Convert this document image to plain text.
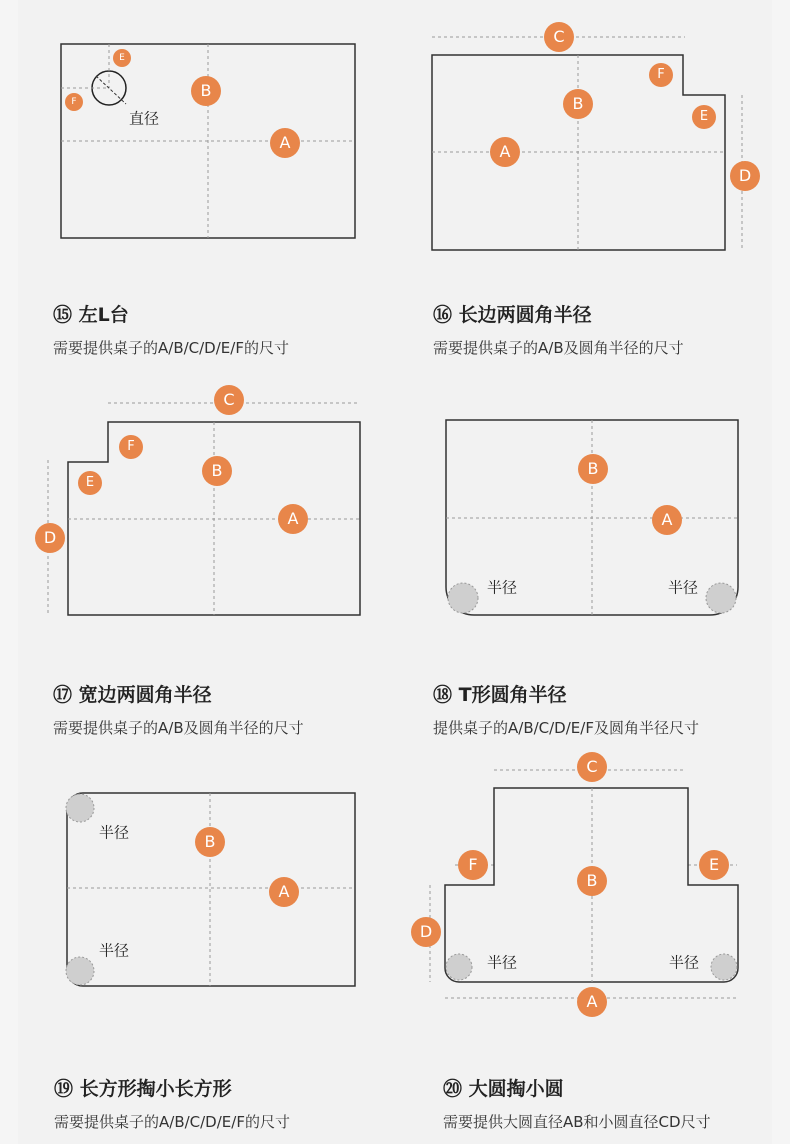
E
F
B
A
直径
⑮ 左L台
需要提供桌子的A/B/C/D/E/F的尺寸
C
F
B
E
A
D
⑯ 长边两圆角半径
需要提供桌子的A/B及圆角半径的尺寸
C
F
B
E
A
D
⑰ 宽边两圆角半径
需要提供桌子的A/B及圆角半径的尺寸
B
A
半径	半径
⑱ T形圆角半径
提供桌子的A/B/C/D/E/F及圆角半径尺寸
B
A
半径
半径
⑲ 长方形掏小长方形
需要提供桌子的A/B/C/D/E/F的尺寸
C
F	E
B
D
A
半径	半径
⑳ 大圆掏小圆
需要提供大圆直径AB和小圆直径CD尺寸
